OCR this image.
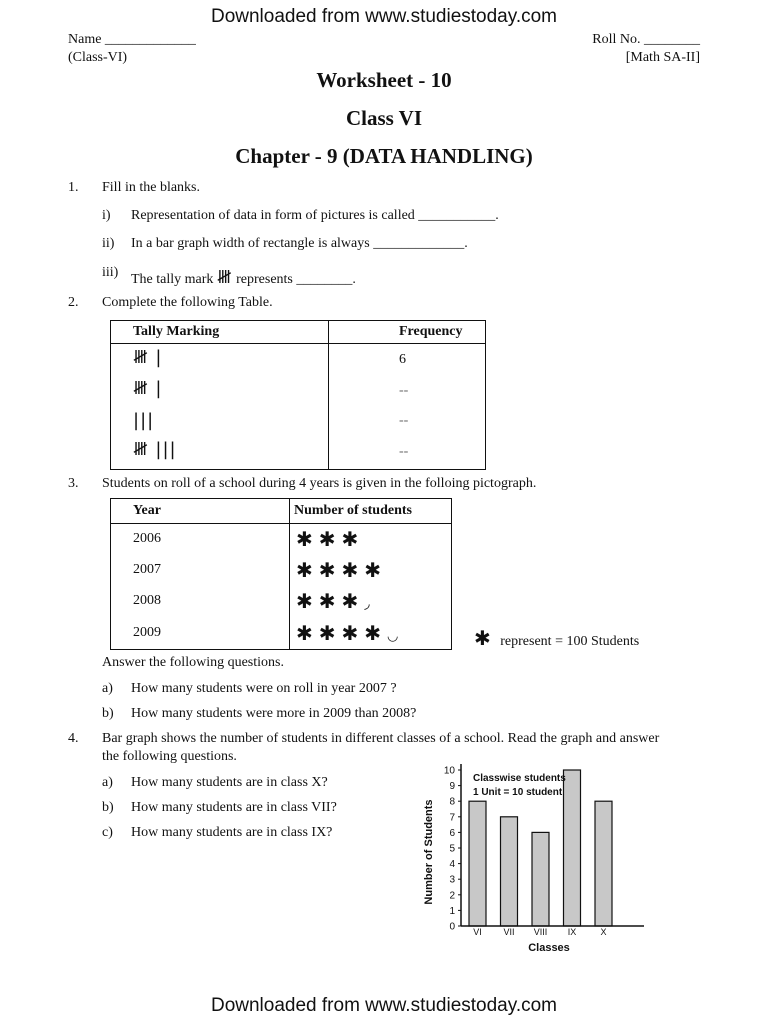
Downloaded from www.studiestoday.com
Downloaded from www.studiestoday.com
Name _____________
(Class-VI)
Roll No. ________
[Math SA-II]
Worksheet - 10
Class VI
Chapter - 9 (DATA HANDLING)
1. Fill in the blanks.
i) Representation of data in form of pictures is called ___________.
ii) In a bar graph width of rectangle is always _____________.
iii) The tally mark 𝍸 represents ________.
2. Complete the following Table.
Tally Marking	Frequency
𝍸 |	6
𝍸 |	--
|||	--
𝍸 |||	--
3. Students on roll of a school during 4 years is given in the folloing pictograph.
Year	Number of students
2006	✱✱✱
2007	✱✱✱✱
2008	✱✱✱◞
2009	✱✱✱✱◡	✱ represent = 100 Students
Answer the following questions.
a) How many students were on roll in year 2007 ?
b) How many students were more in 2009 than 2008?
4. Bar graph shows the number of students in different classes of a school. Read the graph and answer
the following questions.
a) How many students are in class X?
b) How many students are in class VII?
c) How many students are in class IX?
0
1
2
3
4
5
6
7
8
9
10
VI VII VIII IX	X
Classwise students
1 Unit = 10 student
Classes
Number of Students
